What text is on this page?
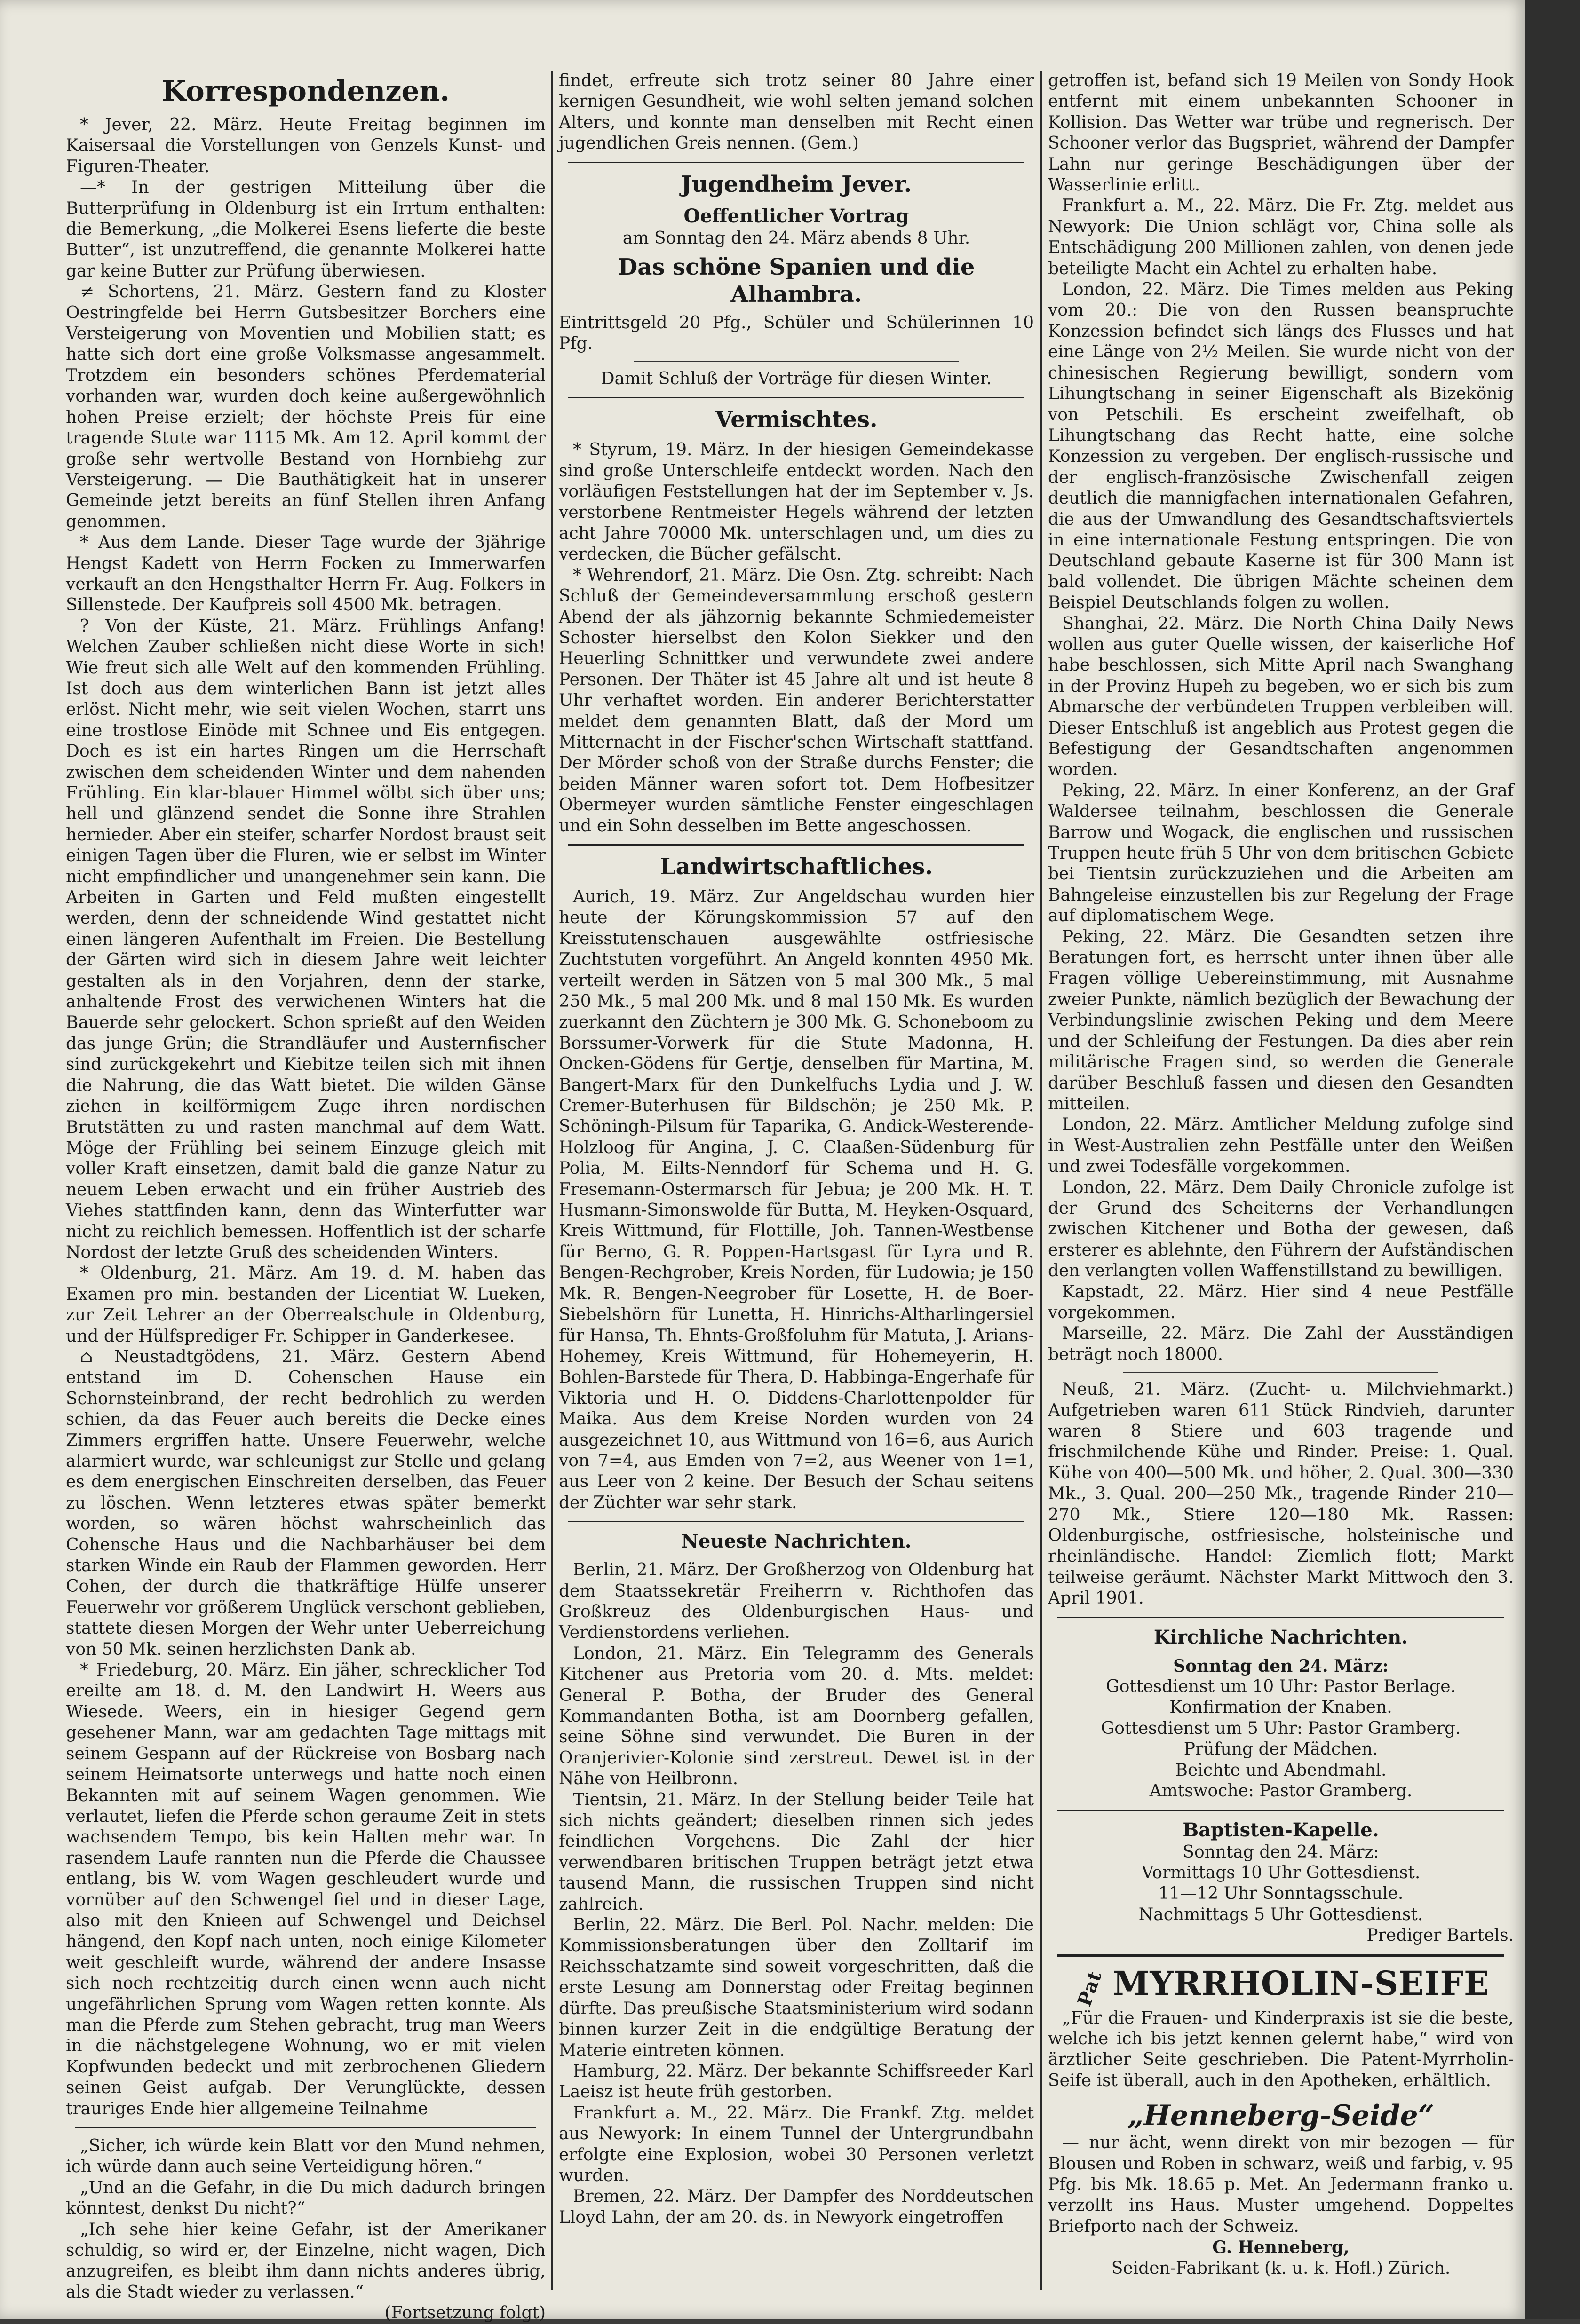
Korrespondenzen.

* Jever, 22. März. Heute Freitag beginnen im Kaisersaal die Vorstellungen von Genzels Kunst- und Figuren-Theater.

—* In der gestrigen Mitteilung über die Butterprüfung in Oldenburg ist ein Irrtum enthalten: die Bemerkung, „die Molkerei Esens lieferte die beste Butter“, ist unzutreffend, die genannte Molkerei hatte gar keine Butter zur Prüfung überwiesen.

≠ Schortens, 21. März. Gestern fand zu Kloster Oestringfelde bei Herrn Gutsbesitzer Borchers eine Versteigerung von Moventien und Mobilien statt; es hatte sich dort eine große Volksmasse angesammelt. Trotzdem ein besonders schönes Pferdematerial vorhanden war, wurden doch keine außergewöhnlich hohen Preise erzielt; der höchste Preis für eine tragende Stute war 1115 Mk. Am 12. April kommt der große sehr wertvolle Bestand von Hornbiehg zur Versteigerung. — Die Bauthätigkeit hat in unserer Gemeinde jetzt bereits an fünf Stellen ihren Anfang genommen.

* Aus dem Lande. Dieser Tage wurde der 3jährige Hengst Kadett von Herrn Focken zu Immerwarfen verkauft an den Hengsthalter Herrn Fr. Aug. Folkers in Sillenstede. Der Kaufpreis soll 4500 Mk. betragen.

? Von der Küste, 21. März. Frühlings Anfang! Welchen Zauber schließen nicht diese Worte in sich! Wie freut sich alle Welt auf den kommenden Frühling. Ist doch aus dem winterlichen Bann ist jetzt alles erlöst. Nicht mehr, wie seit vielen Wochen, starrt uns eine trostlose Einöde mit Schnee und Eis entgegen. Doch es ist ein hartes Ringen um die Herrschaft zwischen dem scheidenden Winter und dem nahenden Frühling. Ein klar-blauer Himmel wölbt sich über uns; hell und glänzend sendet die Sonne ihre Strahlen hernieder. Aber ein steifer, scharfer Nordost braust seit einigen Tagen über die Fluren, wie er selbst im Winter nicht empfindlicher und unangenehmer sein kann. Die Arbeiten in Garten und Feld mußten eingestellt werden, denn der schneidende Wind gestattet nicht einen längeren Aufenthalt im Freien. Die Bestellung der Gärten wird sich in diesem Jahre weit leichter gestalten als in den Vorjahren, denn der starke, anhaltende Frost des verwichenen Winters hat die Bauerde sehr gelockert. Schon sprießt auf den Weiden das junge Grün; die Strandläufer und Austernfischer sind zurückgekehrt und Kiebitze teilen sich mit ihnen die Nahrung, die das Watt bietet. Die wilden Gänse ziehen in keilförmigem Zuge ihren nordischen Brutstätten zu und rasten manchmal auf dem Watt. Möge der Frühling bei seinem Einzuge gleich mit voller Kraft einsetzen, damit bald die ganze Natur zu neuem Leben erwacht und ein früher Austrieb des Viehes stattfinden kann, denn das Winterfutter war nicht zu reichlich bemessen. Hoffentlich ist der scharfe Nordost der letzte Gruß des scheidenden Winters.

* Oldenburg, 21. März. Am 19. d. M. haben das Examen pro min. bestanden der Licentiat W. Lueken, zur Zeit Lehrer an der Oberrealschule in Oldenburg, und der Hülfsprediger Fr. Schipper in Ganderkesee.

⌂ Neustadtgödens, 21. März. Gestern Abend entstand im D. Cohenschen Hause ein Schornsteinbrand, der recht bedrohlich zu werden schien, da das Feuer auch bereits die Decke eines Zimmers ergriffen hatte. Unsere Feuerwehr, welche alarmiert wurde, war schleunigst zur Stelle und gelang es dem energischen Einschreiten derselben, das Feuer zu löschen. Wenn letzteres etwas später bemerkt worden, so wären höchst wahrscheinlich das Cohensche Haus und die Nachbarhäuser bei dem starken Winde ein Raub der Flammen geworden. Herr Cohen, der durch die thatkräftige Hülfe unserer Feuerwehr vor größerem Unglück verschont geblieben, stattete diesen Morgen der Wehr unter Ueberreichung von 50 Mk. seinen herzlichsten Dank ab.

* Friedeburg, 20. März. Ein jäher, schrecklicher Tod ereilte am 18. d. M. den Landwirt H. Weers aus Wiesede. Weers, ein in hiesiger Gegend gern gesehener Mann, war am gedachten Tage mittags mit seinem Gespann auf der Rückreise von Bosbarg nach seinem Heimatsorte unterwegs und hatte noch einen Bekannten mit auf seinem Wagen genommen. Wie verlautet, liefen die Pferde schon geraume Zeit in stets wachsendem Tempo, bis kein Halten mehr war. In rasendem Laufe rannten nun die Pferde die Chaussee entlang, bis W. vom Wagen geschleudert wurde und vornüber auf den Schwengel fiel und in dieser Lage, also mit den Knieen auf Schwengel und Deichsel hängend, den Kopf nach unten, noch einige Kilometer weit geschleift wurde, während der andere Insasse sich noch rechtzeitig durch einen wenn auch nicht ungefährlichen Sprung vom Wagen retten konnte. Als man die Pferde zum Stehen gebracht, trug man Weers in die nächstgelegene Wohnung, wo er mit vielen Kopfwunden bedeckt und mit zerbrochenen Gliedern seinen Geist aufgab. Der Verunglückte, dessen trauriges Ende hier allgemeine Teilnahme

„Sicher, ich würde kein Blatt vor den Mund nehmen, ich würde dann auch seine Verteidigung hören.“

„Und an die Gefahr, in die Du mich dadurch bringen könntest, denkst Du nicht?“

„Ich sehe hier keine Gefahr, ist der Amerikaner schuldig, so wird er, der Einzelne, nicht wagen, Dich anzugreifen, es bleibt ihm dann nichts anderes übrig, als die Stadt wieder zu verlassen.“

(Fortsetzung folgt)

findet, erfreute sich trotz seiner 80 Jahre einer kernigen Gesundheit, wie wohl selten jemand solchen Alters, und konnte man denselben mit Recht einen jugendlichen Greis nennen. (Gem.)

Jugendheim Jever.
Oeffentlicher Vortrag

am Sonntag den 24. März abends 8 Uhr.

Das schöne Spanien und die Alhambra.

Eintrittsgeld 20 Pfg., Schüler und Schülerinnen 10 Pfg.

Damit Schluß der Vorträge für diesen Winter.

Vermischtes.

* Styrum, 19. März. In der hiesigen Gemeindekasse sind große Unterschleife entdeckt worden. Nach den vorläufigen Feststellungen hat der im September v. Js. verstorbene Rentmeister Hegels während der letzten acht Jahre 70000 Mk. unterschlagen und, um dies zu verdecken, die Bücher gefälscht.

* Wehrendorf, 21. März. Die Osn. Ztg. schreibt: Nach Schluß der Gemeindeversammlung erschoß gestern Abend der als jähzornig bekannte Schmiedemeister Schoster hierselbst den Kolon Siekker und den Heuerling Schnittker und verwundete zwei andere Personen. Der Thäter ist 45 Jahre alt und ist heute 8 Uhr verhaftet worden. Ein anderer Berichterstatter meldet dem genannten Blatt, daß der Mord um Mitternacht in der Fischer'schen Wirtschaft stattfand. Der Mörder schoß von der Straße durchs Fenster; die beiden Männer waren sofort tot. Dem Hofbesitzer Obermeyer wurden sämtliche Fenster eingeschlagen und ein Sohn desselben im Bette angeschossen.

Landwirtschaftliches.

Aurich, 19. März. Zur Angeldschau wurden hier heute der Körungskommission 57 auf den Kreisstutenschauen ausgewählte ostfriesische Zuchtstuten vorgeführt. An Angeld konnten 4950 Mk. verteilt werden in Sätzen von 5 mal 300 Mk., 5 mal 250 Mk., 5 mal 200 Mk. und 8 mal 150 Mk. Es wurden zuerkannt den Züchtern je 300 Mk. G. Schoneboom zu Borssumer-Vorwerk für die Stute Madonna, H. Oncken-Gödens für Gertje, denselben für Martina, M. Bangert-Marx für den Dunkelfuchs Lydia und J. W. Cremer-Buterhusen für Bildschön; je 250 Mk. P. Schöningh-Pilsum für Taparika, G. Andick-Westerende-Holzloog für Angina, J. C. Claaßen-Südenburg für Polia, M. Eilts-Nenndorf für Schema und H. G. Fresemann-Ostermarsch für Jebua; je 200 Mk. H. T. Husmann-Simonswolde für Butta, M. Heyken-Osquard, Kreis Wittmund, für Flottille, Joh. Tannen-Westbense für Berno, G. R. Poppen-Hartsgast für Lyra und R. Bengen-Rechgrober, Kreis Norden, für Ludowia; je 150 Mk. R. Bengen-Neegrober für Losette, H. de Boer-Siebelshörn für Lunetta, H. Hinrichs-Altharlingersiel für Hansa, Th. Ehnts-Großfoluhm für Matuta, J. Arians-Hohemey, Kreis Wittmund, für Hohemeyerin, H. Bohlen-Barstede für Thera, D. Habbinga-Engerhafe für Viktoria und H. O. Diddens-Charlottenpolder für Maika. Aus dem Kreise Norden wurden von 24 ausgezeichnet 10, aus Wittmund von 16=6, aus Aurich von 7=4, aus Emden von 7=2, aus Weener von 1=1, aus Leer von 2 keine. Der Besuch der Schau seitens der Züchter war sehr stark.

Neueste Nachrichten.

Berlin, 21. März. Der Großherzog von Oldenburg hat dem Staatssekretär Freiherrn v. Richthofen das Großkreuz des Oldenburgischen Haus- und Verdienstordens verliehen.

London, 21. März. Ein Telegramm des Generals Kitchener aus Pretoria vom 20. d. Mts. meldet: General P. Botha, der Bruder des General Kommandanten Botha, ist am Doornberg gefallen, seine Söhne sind verwundet. Die Buren in der Oranjerivier-Kolonie sind zerstreut. Dewet ist in der Nähe von Heilbronn.

Tientsin, 21. März. In der Stellung beider Teile hat sich nichts geändert; dieselben rinnen sich jedes feindlichen Vorgehens. Die Zahl der hier verwendbaren britischen Truppen beträgt jetzt etwa tausend Mann, die russischen Truppen sind nicht zahlreich.

Berlin, 22. März. Die Berl. Pol. Nachr. melden: Die Kommissionsberatungen über den Zolltarif im Reichsschatzamte sind soweit vorgeschritten, daß die erste Lesung am Donnerstag oder Freitag beginnen dürfte. Das preußische Staatsministerium wird sodann binnen kurzer Zeit in die endgültige Beratung der Materie eintreten können.

Hamburg, 22. März. Der bekannte Schiffsreeder Karl Laeisz ist heute früh gestorben.

Frankfurt a. M., 22. März. Die Frankf. Ztg. meldet aus Newyork: In einem Tunnel der Untergrundbahn erfolgte eine Explosion, wobei 30 Personen verletzt wurden.

Bremen, 22. März. Der Dampfer des Norddeutschen Lloyd Lahn, der am 20. ds. in Newyork eingetroffen

getroffen ist, befand sich 19 Meilen von Sondy Hook entfernt mit einem unbekannten Schooner in Kollision. Das Wetter war trübe und regnerisch. Der Schooner verlor das Bugspriet, während der Dampfer Lahn nur geringe Beschädigungen über der Wasserlinie erlitt.

Frankfurt a. M., 22. März. Die Fr. Ztg. meldet aus Newyork: Die Union schlägt vor, China solle als Entschädigung 200 Millionen zahlen, von denen jede beteiligte Macht ein Achtel zu erhalten habe.

London, 22. März. Die Times melden aus Peking vom 20.: Die von den Russen beanspruchte Konzession befindet sich längs des Flusses und hat eine Länge von 2½ Meilen. Sie wurde nicht von der chinesischen Regierung bewilligt, sondern vom Lihungtschang in seiner Eigenschaft als Bizekönig von Petschili. Es erscheint zweifelhaft, ob Lihungtschang das Recht hatte, eine solche Konzession zu vergeben. Der englisch-russische und der englisch-französische Zwischenfall zeigen deutlich die mannigfachen internationalen Gefahren, die aus der Umwandlung des Gesandtschaftsviertels in eine internationale Festung entspringen. Die von Deutschland gebaute Kaserne ist für 300 Mann ist bald vollendet. Die übrigen Mächte scheinen dem Beispiel Deutschlands folgen zu wollen.

Shanghai, 22. März. Die North China Daily News wollen aus guter Quelle wissen, der kaiserliche Hof habe beschlossen, sich Mitte April nach Swanghang in der Provinz Hupeh zu begeben, wo er sich bis zum Abmarsche der verbündeten Truppen verbleiben will. Dieser Entschluß ist angeblich aus Protest gegen die Befestigung der Gesandtschaften angenommen worden.

Peking, 22. März. In einer Konferenz, an der Graf Waldersee teilnahm, beschlossen die Generale Barrow und Wogack, die englischen und russischen Truppen heute früh 5 Uhr von dem britischen Gebiete bei Tientsin zurückzuziehen und die Arbeiten am Bahngeleise einzustellen bis zur Regelung der Frage auf diplomatischem Wege.

Peking, 22. März. Die Gesandten setzen ihre Beratungen fort, es herrscht unter ihnen über alle Fragen völlige Uebereinstimmung, mit Ausnahme zweier Punkte, nämlich bezüglich der Bewachung der Verbindungslinie zwischen Peking und dem Meere und der Schleifung der Festungen. Da dies aber rein militärische Fragen sind, so werden die Generale darüber Beschluß fassen und diesen den Gesandten mitteilen.

London, 22. März. Amtlicher Meldung zufolge sind in West-Australien zehn Pestfälle unter den Weißen und zwei Todesfälle vorgekommen.

London, 22. März. Dem Daily Chronicle zufolge ist der Grund des Scheiterns der Verhandlungen zwischen Kitchener und Botha der gewesen, daß ersterer es ablehnte, den Führern der Aufständischen den verlangten vollen Waffenstillstand zu bewilligen.

Kapstadt, 22. März. Hier sind 4 neue Pestfälle vorgekommen.

Marseille, 22. März. Die Zahl der Ausständigen beträgt noch 18000.

Neuß, 21. März. (Zucht- u. Milchviehmarkt.) Aufgetrieben waren 611 Stück Rindvieh, darunter waren 8 Stiere und 603 tragende und frischmilchende Kühe und Rinder. Preise: 1. Qual. Kühe von 400—500 Mk. und höher, 2. Qual. 300—330 Mk., 3. Qual. 200—250 Mk., tragende Rinder 210—270 Mk., Stiere 120—180 Mk. Rassen: Oldenburgische, ostfriesische, holsteinische und rheinländische. Handel: Ziemlich flott; Markt teilweise geräumt. Nächster Markt Mittwoch den 3. April 1901.

Kirchliche Nachrichten.

Sonntag den 24. März:

Gottesdienst um 10 Uhr: Pastor Berlage.

Konfirmation der Knaben.

Gottesdienst um 5 Uhr: Pastor Gramberg.

Prüfung der Mädchen.

Beichte und Abendmahl.

Amtswoche: Pastor Gramberg.

Baptisten-Kapelle.

Sonntag den 24. März:

Vormittags 10 Uhr Gottesdienst.

11—12 Uhr Sonntagsschule.

Nachmittags 5 Uhr Gottesdienst.

Prediger Bartels.

Pat MYRRHOLIN-SEIFE

„Für die Frauen- und Kinderpraxis ist sie die beste, welche ich bis jetzt kennen gelernt habe,“ wird von ärztlicher Seite geschrieben. Die Patent-Myrrholin-Seife ist überall, auch in den Apotheken, erhältlich.

„Henneberg-Seide“

— nur ächt, wenn direkt von mir bezogen — für Blousen und Roben in schwarz, weiß und farbig, v. 95 Pfg. bis Mk. 18.65 p. Met. An Jedermann franko u. verzollt ins Haus. Muster umgehend. Doppeltes Briefporto nach der Schweiz.

G. Henneberg,

Seiden-Fabrikant (k. u. k. Hofl.) Zürich.
